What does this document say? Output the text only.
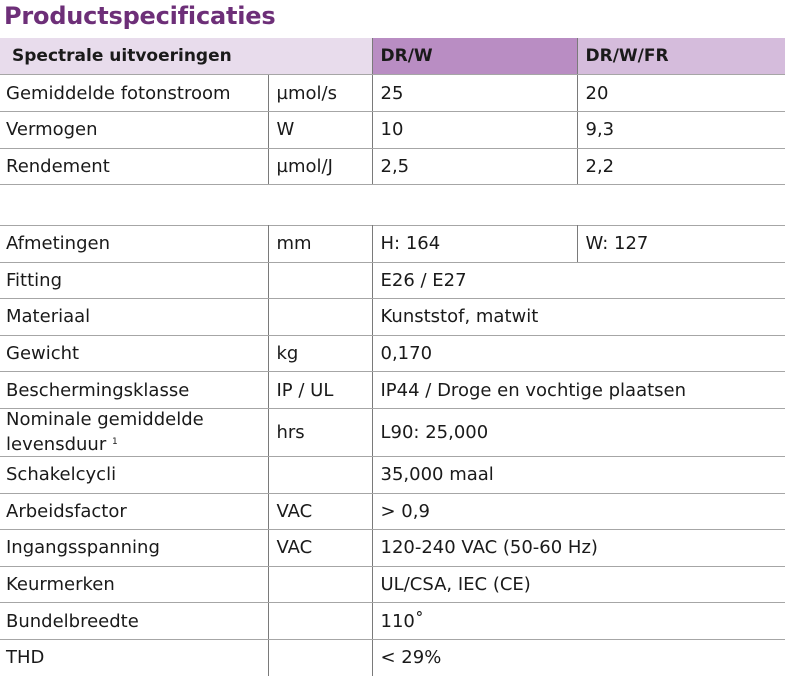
Productspecificaties
Spectrale uitvoeringen		DR/W	DR/W/FR
Gemiddelde fotonstroom	µmol/s	25	20
Vermogen	W	10	9,3
Rendement	µmol/J	2,5	2,2
Afmetingen	mm	H: 164	W: 127
Fitting		E26 / E27	
Materiaal		Kunststof, matwit	
Gewicht	kg	0,170	
Beschermingsklasse	IP / UL	IP44 / Droge en vochtige plaatsen	
Nominale gemiddelde
levensduur $^1$	hrs	L90: 25,000	
Schakelcycli		35,000 maal	
Arbeidsfactor	VAC	> 0,9	
Ingangsspanning	VAC	120-240 VAC (50-60 Hz)	
Keurmerken		UL/CSA, IEC (CE)	
Bundelbreedte		110˚	
THD		< 29%	
